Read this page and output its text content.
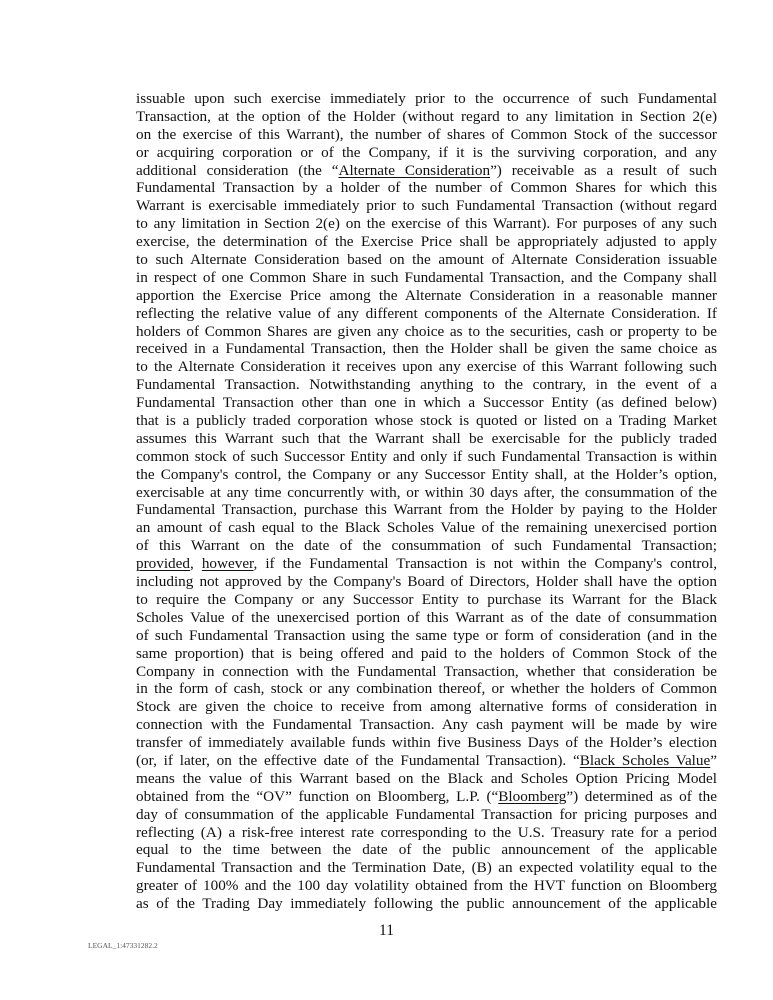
issuable upon such exercise immediately prior to the occurrence of such Fundamental
Transaction, at the option of the Holder (without regard to any limitation in Section 2(e)
on the exercise of this Warrant), the number of shares of Common Stock of the successor
or acquiring corporation or of the Company, if it is the surviving corporation, and any
additional consideration (the “Alternate Consideration”) receivable as a result of such
Fundamental Transaction by a holder of the number of Common Shares for which this
Warrant is exercisable immediately prior to such Fundamental Transaction (without regard
to any limitation in Section 2(e) on the exercise of this Warrant). For purposes of any such
exercise, the determination of the Exercise Price shall be appropriately adjusted to apply
to such Alternate Consideration based on the amount of Alternate Consideration issuable
in respect of one Common Share in such Fundamental Transaction, and the Company shall
apportion the Exercise Price among the Alternate Consideration in a reasonable manner
reflecting the relative value of any different components of the Alternate Consideration. If
holders of Common Shares are given any choice as to the securities, cash or property to be
received in a Fundamental Transaction, then the Holder shall be given the same choice as
to the Alternate Consideration it receives upon any exercise of this Warrant following such
Fundamental Transaction. Notwithstanding anything to the contrary, in the event of a
Fundamental Transaction other than one in which a Successor Entity (as defined below)
that is a publicly traded corporation whose stock is quoted or listed on a Trading Market
assumes this Warrant such that the Warrant shall be exercisable for the publicly traded
common stock of such Successor Entity and only if such Fundamental Transaction is within
the Company's control, the Company or any Successor Entity shall, at the Holder’s option,
exercisable at any time concurrently with, or within 30 days after, the consummation of the
Fundamental Transaction, purchase this Warrant from the Holder by paying to the Holder
an amount of cash equal to the Black Scholes Value of the remaining unexercised portion
of this Warrant on the date of the consummation of such Fundamental Transaction;
provided, however, if the Fundamental Transaction is not within the Company's control,
including not approved by the Company's Board of Directors, Holder shall have the option
to require the Company or any Successor Entity to purchase its Warrant for the Black
Scholes Value of the unexercised portion of this Warrant as of the date of consummation
of such Fundamental Transaction using the same type or form of consideration (and in the
same proportion) that is being offered and paid to the holders of Common Stock of the
Company in connection with the Fundamental Transaction, whether that consideration be
in the form of cash, stock or any combination thereof, or whether the holders of Common
Stock are given the choice to receive from among alternative forms of consideration in
connection with the Fundamental Transaction. Any cash payment will be made by wire
transfer of immediately available funds within five Business Days of the Holder’s election
(or, if later, on the effective date of the Fundamental Transaction). “Black Scholes Value”
means the value of this Warrant based on the Black and Scholes Option Pricing Model
obtained from the “OV” function on Bloomberg, L.P. (“Bloomberg”) determined as of the
day of consummation of the applicable Fundamental Transaction for pricing purposes and
reflecting (A) a risk-free interest rate corresponding to the U.S. Treasury rate for a period
equal to the time between the date of the public announcement of the applicable
Fundamental Transaction and the Termination Date, (B) an expected volatility equal to the
greater of 100% and the 100 day volatility obtained from the HVT function on Bloomberg
as of the Trading Day immediately following the public announcement of the applicable
11
LEGAL_1:47331282.2
